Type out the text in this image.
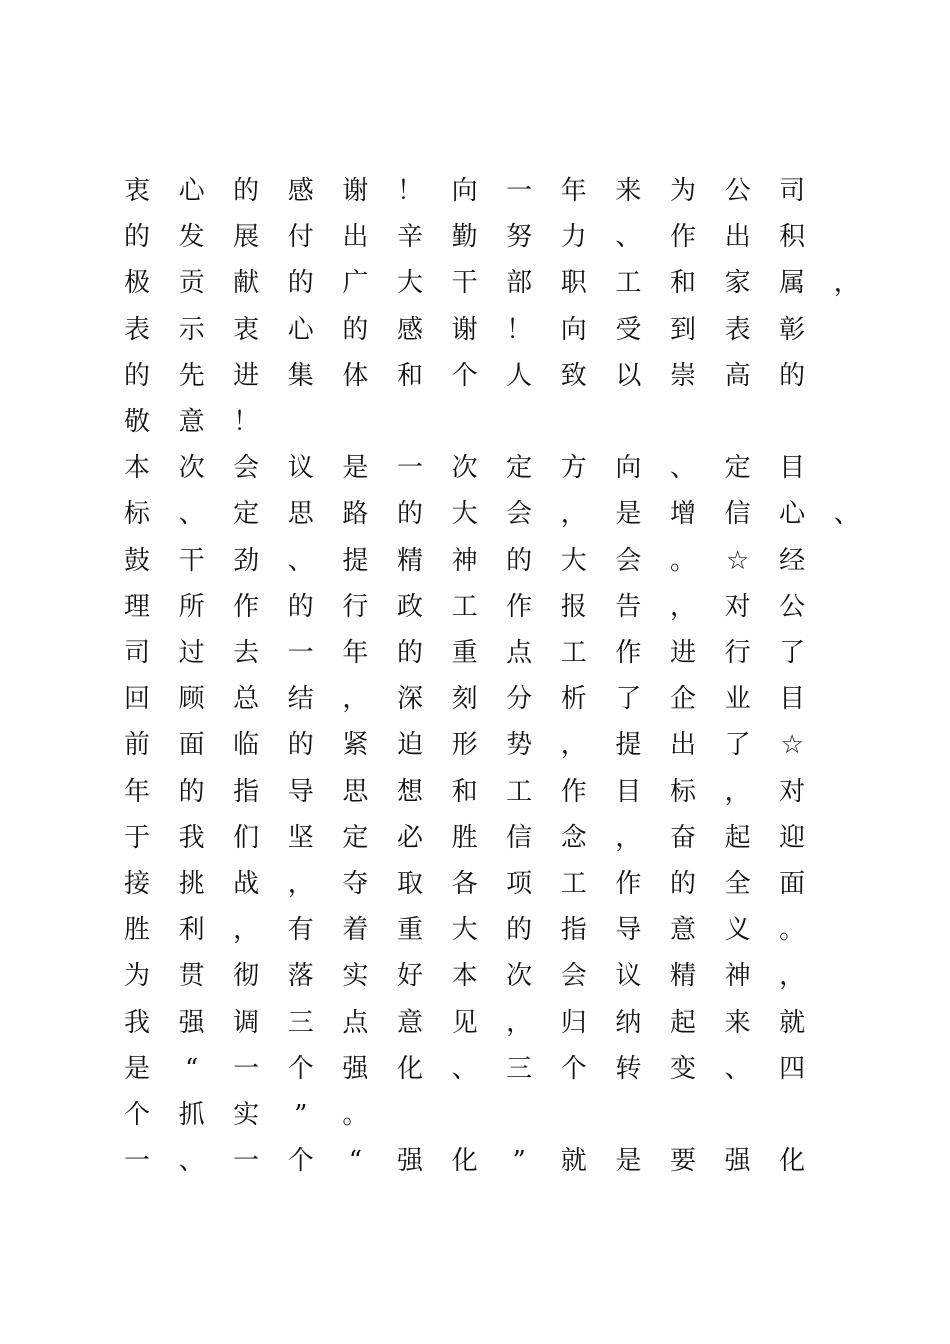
衷 心 的 感 谢 ！ 向 一 年 来 为 公 司
的 发 展 付 出 辛 勤 努 力 、 作 出 积
极 贡 献 的 广 大 干 部 职 工 和 家 属 ，
表 示 衷 心 的 感 谢 ！ 向 受 到 表 彰
的 先 进 集 体 和 个 人 致 以 崇 高 的
敬 意 ！
本 次 会 议 是 一 次 定 方 向 、 定 目
标 、 定 思 路 的 大 会 ， 是 增 信 心 、
鼓 干 劲 、 提 精 神 的 大 会 。	☆	经
理 所 作 的 行 政 工 作 报 告 ， 对 公
司 过 去 一 年 的 重 点 工 作 进 行 了
回 顾 总 结 ， 深 刻 分 析 了 企 业 目
前 面 临 的 紧 迫 形 势 ， 提 出 了	☆
年 的 指 导 思 想 和 工 作 目 标 ， 对
于 我 们 坚 定 必 胜 信 念 ， 奋 起 迎
接 挑 战 ， 夺 取 各 项 工 作 的 全 面
胜 利 ， 有 着 重 大 的 指 导 意 义 。
为 贯 彻 落 实 好 本 次 会 议 精 神 ，
我 强 调 三 点 意 见 ， 归 纳 起 来 就
是	“	一 个 强 化 、 三 个 转 变 、 四
个 抓 实	”	。
一 、 一 个	“	强 化	”	就 是 要 强 化
